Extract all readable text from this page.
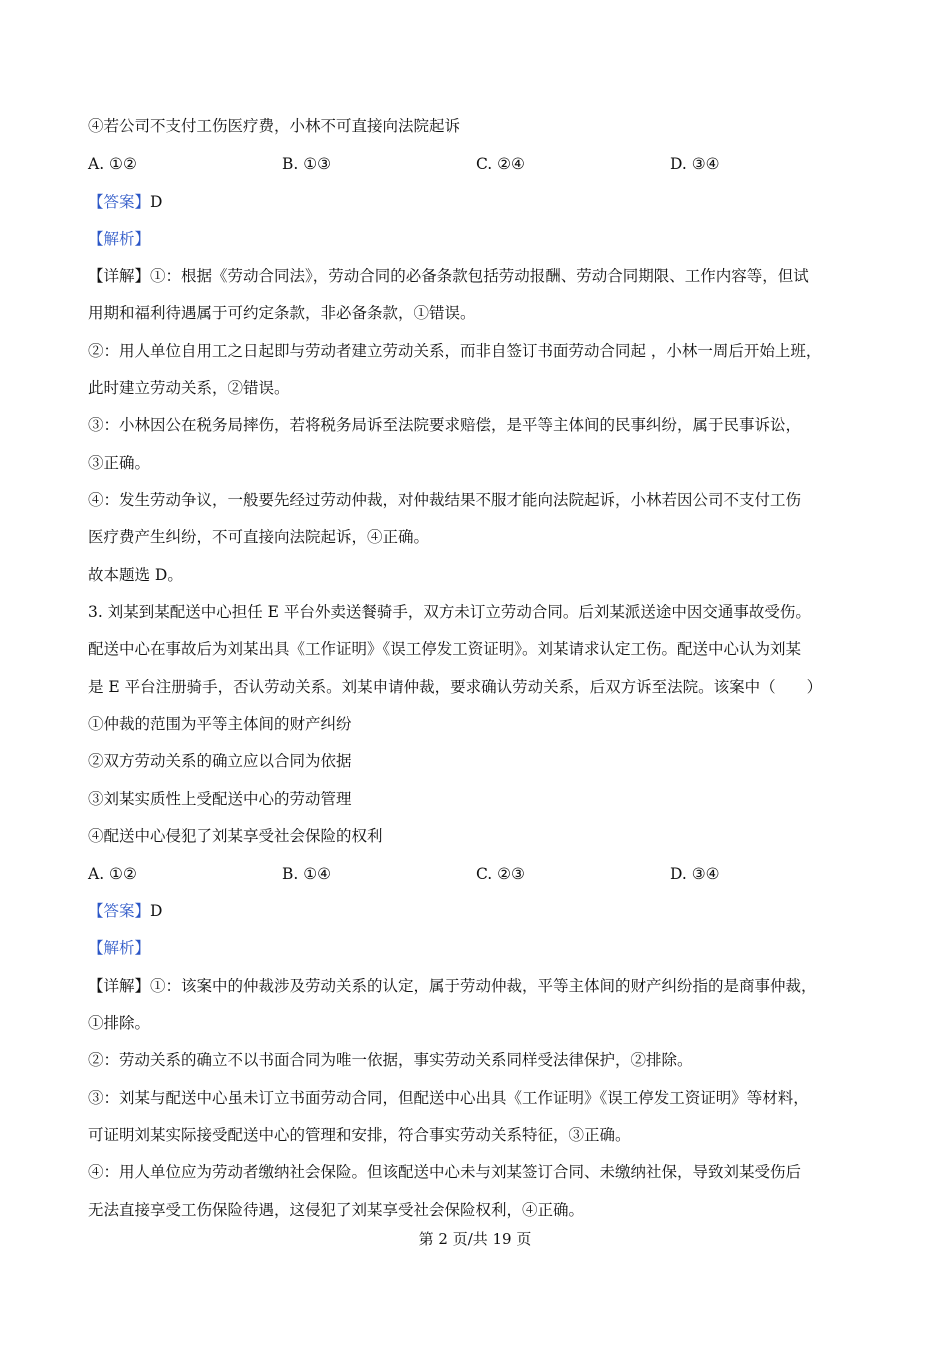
④若公司不支付工伤医疗费，小林不可直接向法院起诉
A. ①②	B. ①③	C. ②④	D. ③④
【答案】D
【解析】
【详解】①：根据《劳动合同法》，劳动合同的必备条款包括劳动报酬、劳动合同期限、工作内容等，但试
用期和福利待遇属于可约定条款，非必备条款，①错误。
②：用人单位自用工之日起即与劳动者建立劳动关系，而非自签订书面劳动合同起 ，小林一周后开始上班，
此时建立劳动关系，②错误。
③：小林因公在税务局摔伤，若将税务局诉至法院要求赔偿，是平等主体间的民事纠纷，属于民事诉讼，
③正确。
④：发生劳动争议，一般要先经过劳动仲裁，对仲裁结果不服才能向法院起诉，小林若因公司不支付工伤
医疗费产生纠纷，不可直接向法院起诉，④正确。
故本题选 D。
3. 刘某到某配送中心担任 E 平台外卖送餐骑手，双方未订立劳动合同。后刘某派送途中因交通事故受伤。
配送中心在事故后为刘某出具《工作证明》《误工停发工资证明》。刘某请求认定工伤。配送中心认为刘某
是 E 平台注册骑手，否认劳动关系。刘某申请仲裁，要求确认劳动关系，后双方诉至法院。该案中（　　）
①仲裁的范围为平等主体间的财产纠纷
②双方劳动关系的确立应以合同为依据
③刘某实质性上受配送中心的劳动管理
④配送中心侵犯了刘某享受社会保险的权利
A. ①②	B. ①④	C. ②③	D. ③④
【答案】D
【解析】
【详解】①：该案中的仲裁涉及劳动关系的认定，属于劳动仲裁，平等主体间的财产纠纷指的是商事仲裁，
①排除。
②：劳动关系的确立不以书面合同为唯一依据，事实劳动关系同样受法律保护，②排除。
③：刘某与配送中心虽未订立书面劳动合同，但配送中心出具《工作证明》《误工停发工资证明》等材料，
可证明刘某实际接受配送中心的管理和安排，符合事实劳动关系特征，③正确。
④：用人单位应为劳动者缴纳社会保险。但该配送中心未与刘某签订合同、未缴纳社保，导致刘某受伤后
无法直接享受工伤保险待遇，这侵犯了刘某享受社会保险权利，④正确。
第 2 页/共 19 页
